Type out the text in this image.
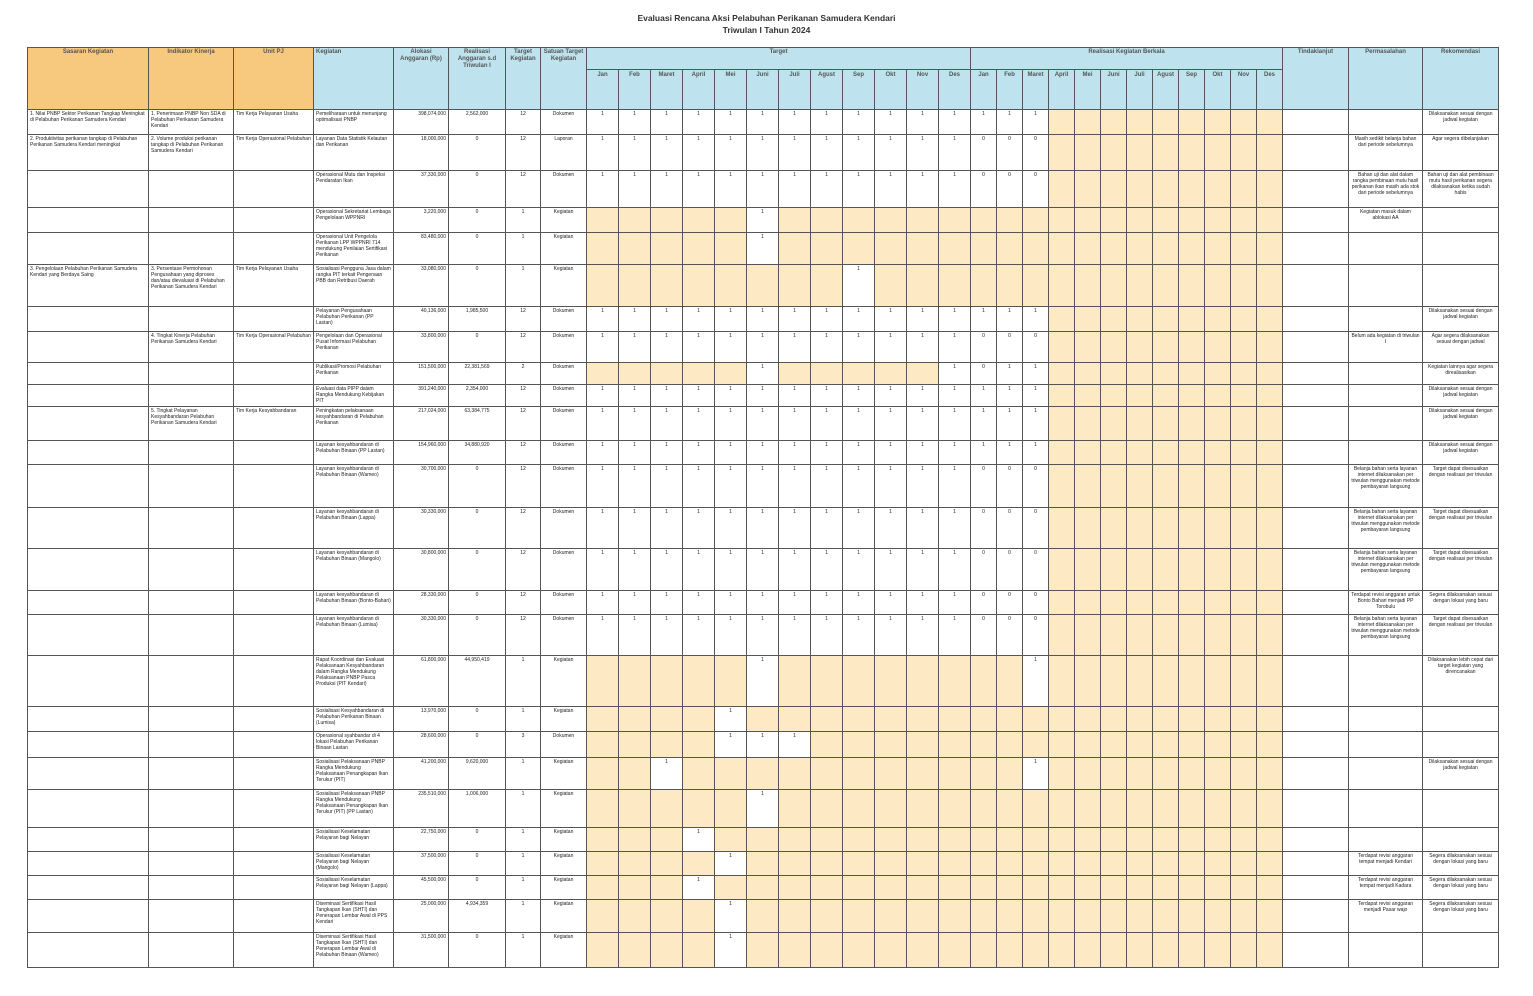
Evaluasi Rencana Aksi Pelabuhan Perikanan Samudera Kendari
Triwulan I Tahun 2024
Sasaran Kegiatan	Indikator Kinerja	Unit PJ	Kegiatan	Alokasi Anggaran (Rp)	Realisasi Anggaran s.d Triwulan I	Target Kegiatan	Satuan Target Kegiatan	Target												Realisasi Kegiatan Berkala												Tindaklanjut	Permasalahan	Rekomendasi
								Jan	Feb	Maret	April	Mei	Juni	Juli	Agust	Sep	Okt	Nov	Des	Jan	Feb	Maret	April	Mei	Juni	Juli	Agust	Sep	Okt	Nov	Des			
1. Nilai PNBP Sektor Perikanan Tangkap Meningkat di Pelabuhan Perikanan Samudera Kendari	1. Penerimaan PNBP Non SDA di Pelabuhan Perikanan Samudera Kendari	Tim Kerja Pelayanan Usaha	Pemeliharaan untuk menunjang optimalisasi PNBP	398,074,000	2,562,000	12	Dokumen	1	1	1	1	1	1	1	1	1	1	1	1	1	1	1												Dilaksanakan sesuai dengan jadwal kegiatan
2. Produktivitas perikanan tangkap di Pelabuhan Perikanan Samudera Kendari meningkat	2. Volume produksi perikanan tangkap di Pelabuhan Perikanan Samudera Kendari	Tim Kerja Operasional Pelabuhan	Layanan Data Statistik Kelautan dan Perikanan	18,000,000	0	12	Laporan	1	1	1	1	1	1	1	1	1	1	1	1	0	0	0											Masih sedikit belanja bahan dari periode sebelumnya	Agar segera dibelanjakan
			Operasional Mutu dan Inspeksi Pendaratan Ikan	37,330,000	0	12	Dokumen	1	1	1	1	1	1	1	1	1	1	1	1	0	0	0											Bahan uji dan alat dalam rangka pembinaan mutu hasil perikanan ikan masih ada stok dari periode sebelumnya	Bahan uji dan alat pembinaan mutu hasil perikanan segera dilaksanakan ketika sudah habis
			Operasional Sekretariat Lembaga Pengelolaan WPPNRI	3,220,000	0	1	Kegiatan						1																				Kegiatan masuk dalam ablokasi AA	
			Operasional Unit Pengelola Perikanan LPP WPPNRI 714 mendukung Penilaian Sertifikasi Perikanan	83,480,000	0	1	Kegiatan						1																					
3. Pengelolaan Pelabuhan Perikanan Samudera Kendari yang Berdaya Saing	3. Persentase Permohonan Pengusahaan yang diproses dan/atau dievaluasi di Pelabuhan Perikanan Samudera Kendari	Tim Kerja Pelayanan Usaha	Sosialisasi Pengguna Jasa dalam rangka PIT terkait Pengenaan PBB dan Retribusi Daerah	33,080,000	0	1	Kegiatan									1																		
			Pelayanan Pengusahaan Pelabuhan Perikanan (PP Lastan)	40,136,000	1,985,500	12	Dokumen	1	1	1	1	1	1	1	1	1	1	1	1	1	1	1												Dilaksanakan sesuai dengan jadwal kegiatan
	4. Tingkat Kinerja Pelabuhan Perikanan Samudera Kendari	Tim Kerja Operasional Pelabuhan	Pengelolaan dan Operasional Pusat Informasi Pelabuhan Perikanan	33,800,000	0	12	Dokumen	1	1	1	1	1	1	1	1	1	1	1	1	0	0	0											Belum ada kegiatan di triwulan I	Agar segera dilaksanakan sesuai dengan jadwal
			Publikasi/Promosi Pelabuhan Perikanan	151,500,000	22,381,569	2	Dokumen						1						1	0	1	1												Kegiatan lainnya agar segera direalisasikan
			Evaluasi data PIPP dalam Rangka Mendukung Kebijakan PIT	391,240,000	2,354,000	12	Dokumen	1	1	1	1	1	1	1	1	1	1	1	1	1	1	1												Dilaksanakan sesuai dengan jadwal kegiatan
	5. Tingkat Pelayanan Kesyahbandaran Pelabuhan Perikanan Samudera Kendari	Tim Kerja Kesyahbandaran	Peningkatan pelaksanaan kesyahbandaran di Pelabuhan Perikanan	217,024,000	63,384,775	12	Dokumen	1	1	1	1	1	1	1	1	1	1	1	1	1	1	1												Dilaksanakan sesuai dengan jadwal kegiatan
			Layanan kesyahbandaran di Pelabuhan Binaan (PP Lastan)	154,960,000	34,880,920	12	Dokumen	1	1	1	1	1	1	1	1	1	1	1	1	1	1	1												Dilaksanakan sesuai dengan jadwal kegiatan
			Layanan kesyahbandaran di Pelabuhan Binaan (Wameo)	30,700,000	0	12	Dokumen	1	1	1	1	1	1	1	1	1	1	1	1	0	0	0											Belanja bahan serta layanan internet dilaksanakan per triwulan menggunakan metode pembayaran langsung	Target dapat disesuaikan dengan realisasi per triwulan
			Layanan kesyahbandaran di Pelabuhan Binaan (Lappa)	30,330,000	0	12	Dokumen	1	1	1	1	1	1	1	1	1	1	1	1	0	0	0											Belanja bahan serta layanan internet dilaksanakan per triwulan menggunakan metode pembayaran langsung	Target dapat disesuaikan dengan realisasi per triwulan
			Layanan kesyahbandaran di Pelabuhan Binaan (Mangolo)	30,800,000	0	12	Dokumen	1	1	1	1	1	1	1	1	1	1	1	1	0	0	0											Belanja bahan serta layanan internet dilaksanakan per triwulan menggunakan metode pembayaran langsung	Target dapat disesuaikan dengan realisasi per triwulan
			Layanan kesyahbandaran di Pelabuhan Binaan (Bonto-Bahari)	28,330,000	0	12	Dokumen	1	1	1	1	1	1	1	1	1	1	1	1	0	0	0											Terdapat revisi anggaran untuk Bonto Bahari menjadi PP Torobulu	Segera dilaksanakan sesuai dengan lokasi yang baru
			Layanan kesyahbandaran di Pelabuhan Binaan (Lumisa)	30,330,000	0	12	Dokumen	1	1	1	1	1	1	1	1	1	1	1	1	0	0	0											Belanja bahan serta layanan internet dilaksanakan per triwulan menggunakan metode pembayaran langsung	Target dapat disesuaikan dengan realisasi per triwulan
			Rapat Koordinasi dan Evaluasi Pelaksanaan Kesyahbandaran dalam Rangka Mendukung Pelaksanaan PNBP Pasca Produksi (PIT Kendari)	61,800,000	44,950,419	1	Kegiatan						1									1												Dilaksanakan lebih cepat dari target kegiatan yang direncanakan
			Sosialisasi Kesyahbandaran di Pelabuhan Perikanan Binaan (Lumisa)	13,970,000	0	1	Kegiatan					1																						
			Operasional syahbandar di 4 lokasi Pelabuhan Perikanan Binaan Lastan	28,600,000	0	3	Dokumen					1	1	1																				
			Sosialisasi Pelaksanaan PNBP Rangka Mendukung Pelaksanaan Penangkapan Ikan Terukur (PIT)	41,200,000	9,620,000	1	Kegiatan			1												1												Dilaksanakan sesuai dengan jadwal kegiatan
			Sosialisasi Pelaksanaan PNBP Rangka Mendukung Pelaksanaan Penangkapan Ikan Terukur (PIT) (PP Lastan)	235,510,000	1,006,000	1	Kegiatan						1																					
			Sosialisasi Keselamatan Pelayaran bagi Nelayan	22,750,000	0	1	Kegiatan				1																							
			Sosialisasi Keselamatan Pelayaran bagi Nelayan (Mangolo)	37,500,000	0	1	Kegiatan					1																					Terdapat revisi anggaran tempat menjadi Kendari	Segera dilaksanakan sesuai dengan lokasi yang baru
			Sosialisasi Keselamatan Pelayaran bagi Nelayan (Lappa)	45,500,000	0	1	Kegiatan				1																						Terdapat revisi anggaran tempat menjadi Kadara	Segera dilaksanakan sesuai dengan lokasi yang baru
			Diseminasi Sertifikasi Hasil Tangkapan Ikan (SHTI) dan Penerapan Lembar Awal di PPS Kendari	25,000,000	4,934,359	1	Kegiatan					1																					Terdapat revisi anggaran menjadi Pasar wajo	Segera dilaksanakan sesuai dengan lokasi yang baru
			Diseminasi Sertifikasi Hasil Tangkapan Ikan (SHTI) dan Penerapan Lembar Awal di Pelabuhan Binaan (Wameo)	31,500,000	0	1	Kegiatan					1																						
